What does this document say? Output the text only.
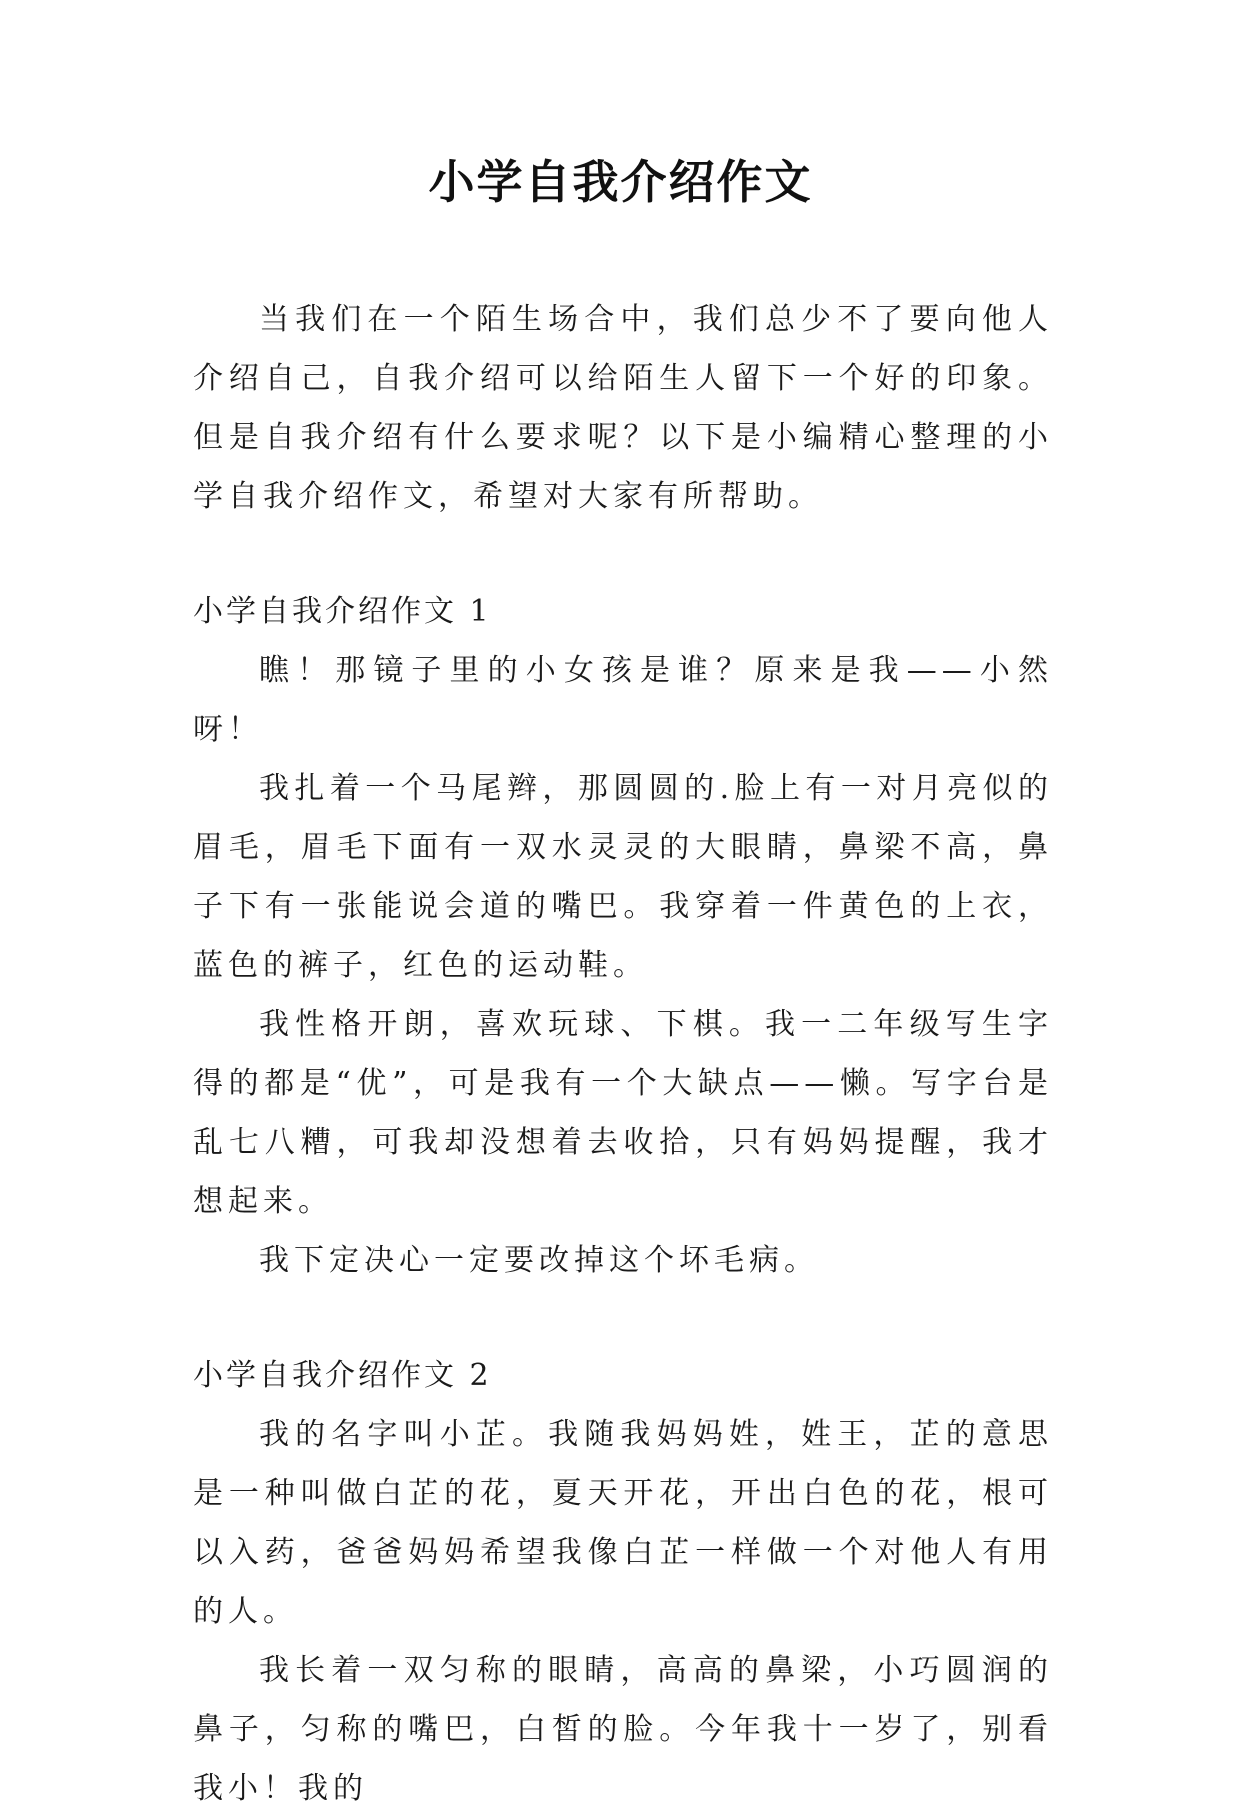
小学自我介绍作文

当我们在一个陌生场合中，我们总少不了要向他人介绍自己，自我介绍可以给陌生人留下一个好的印象。但是自我介绍有什么要求呢？以下是小编精心整理的小学自我介绍作文，希望对大家有所帮助。

小学自我介绍作文 1

瞧！那镜子里的小女孩是谁？原来是我——小然呀！

我扎着一个马尾辫，那圆圆的.脸上有一对月亮似的眉毛，眉毛下面有一双水灵灵的大眼睛，鼻梁不高，鼻子下有一张能说会道的嘴巴。我穿着一件黄色的上衣，蓝色的裤子，红色的运动鞋。

我性格开朗，喜欢玩球、下棋。我一二年级写生字得的都是“优”，可是我有一个大缺点——懒。写字台是乱七八糟，可我却没想着去收拾，只有妈妈提醒，我才想起来。

我下定决心一定要改掉这个坏毛病。

小学自我介绍作文 2

我的名字叫小芷。我随我妈妈姓，姓王，芷的意思是一种叫做白芷的花，夏天开花，开出白色的花，根可以入药，爸爸妈妈希望我像白芷一样做一个对他人有用的人。

我长着一双匀称的眼睛，高高的鼻梁，小巧圆润的鼻子，匀称的嘴巴，白皙的脸。今年我十一岁了，别看我小！我的
